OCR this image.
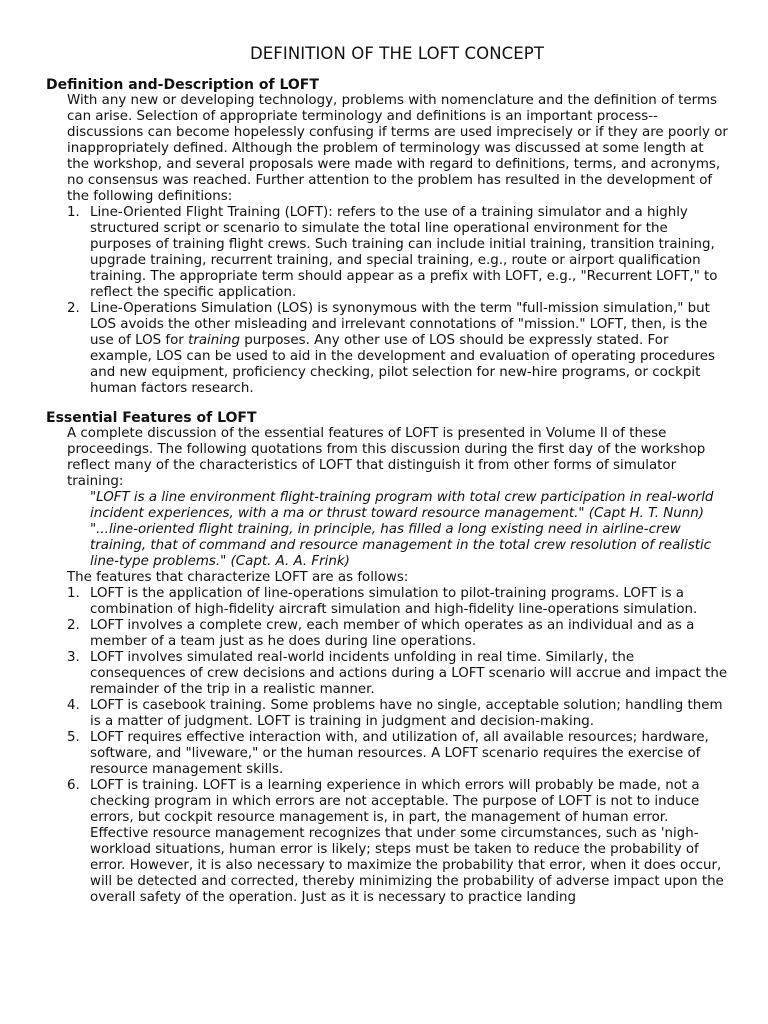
DEFINITION OF THE LOFT CONCEPT
Definition and-Description of LOFT

With any new or developing technology, problems with nomenclature and the definition of terms can arise. Selection of appropriate terminology and definitions is an important process--discussions can become hopelessly confusing if terms are used imprecisely or if they are poorly or inappropriately defined. Although the problem of terminology was discussed at some length at the workshop, and several proposals were made with regard to definitions, terms, and acronyms, no consensus was reached. Further attention to the problem has resulted in the development of the following definitions:

1. Line-Oriented Flight Training (LOFT): refers to the use of a training simulator and a highly structured script or scenario to simulate the total line operational environment for the purposes of training flight crews. Such training can include initial training, transition training, upgrade training, recurrent training, and special training, e.g., route or airport qualification training. The appropriate term should appear as a prefix with LOFT, e.g., "Recurrent LOFT," to reflect the specific application.
2. Line-Operations Simulation (LOS) is synonymous with the term "full-mission simulation," but LOS avoids the other misleading and irrelevant connotations of "mission." LOFT, then, is the use of LOS for training purposes. Any other use of LOS should be expressly stated. For example, LOS can be used to aid in the development and evaluation of operating procedures and new equipment, proficiency checking, pilot selection for new-hire programs, or cockpit human factors research.
Essential Features of LOFT

A complete discussion of the essential features of LOFT is presented in Volume II of these proceedings. The following quotations from this discussion during the first day of the workshop reflect many of the characteristics of LOFT that distinguish it from other forms of simulator training:

"LOFT is a line environment flight-training program with total crew participation in real-world incident experiences, with a ma or thrust toward resource management." (Capt H. T. Nunn)
"...line-oriented flight training, in principle, has filled a long existing need in airline-crew training, that of command and resource management in the total crew resolution of realistic line-type problems." (Capt. A. A. Frink)

The features that characterize LOFT are as follows:

1. LOFT is the application of line-operations simulation to pilot-training programs. LOFT is a combination of high-fidelity aircraft simulation and high-fidelity line-operations simulation.
2. LOFT involves a complete crew, each member of which operates as an individual and as a member of a team just as he does during line operations.
3. LOFT involves simulated real-world incidents unfolding in real time. Similarly, the consequences of crew decisions and actions during a LOFT scenario will accrue and impact the remainder of the trip in a realistic manner.
4. LOFT is casebook training. Some problems have no single, acceptable solution; handling them is a matter of judgment. LOFT is training in judgment and decision-making.
5. LOFT requires effective interaction with, and utilization of, all available resources; hardware, software, and "liveware," or the human resources. A LOFT scenario requires the exercise of resource management skills.
6. LOFT is training. LOFT is a learning experience in which errors will probably be made, not a checking program in which errors are not acceptable. The purpose of LOFT is not to induce errors, but cockpit resource management is, in part, the management of human error. Effective resource management recognizes that under some circumstances, such as 'nigh-workload situations, human error is likely; steps must be taken to reduce the probability of error. However, it is also necessary to maximize the probability that error, when it does occur, will be detected and corrected, thereby minimizing the probability of adverse impact upon the overall safety of the operation. Just as it is necessary to practice landing
